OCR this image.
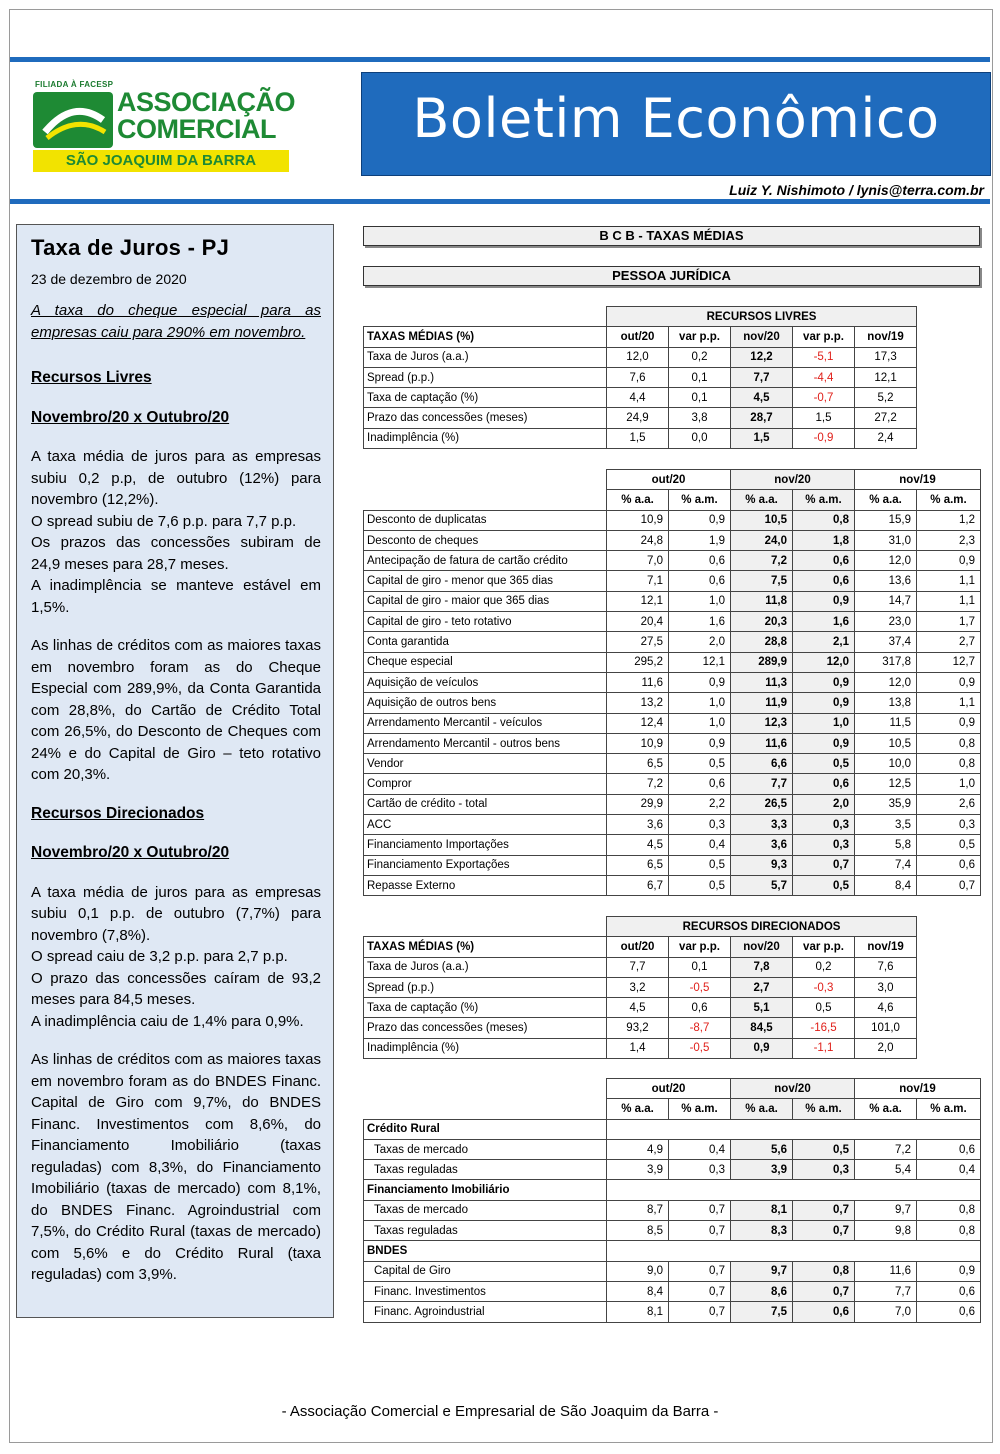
FILIADA À FACESP
ASSOCIAÇÃO
COMERCIAL
SÃO JOAQUIM DA BARRA
Boletim Econômico
Luiz Y. Nishimoto / lynis@terra.com.br
Taxa de Juros - PJ
23 de dezembro de 2020

A taxa do cheque especial para as empresas caiu para 290% em novembro.

Recursos Livres

Novembro/20 x Outubro/20

A taxa média de juros para as empresas subiu 0,2 p.p, de outubro (12%) para novembro (12,2%).

O spread subiu de 7,6 p.p. para 7,7 p.p.

Os prazos das concessões subiram de 24,9 meses para 28,7 meses.

A inadimplência se manteve estável em 1,5%.

As linhas de créditos com as maiores taxas em novembro foram as do Cheque Especial com 289,9%, da Conta Garantida com 28,8%, do Cartão de Crédito Total com 26,5%, do Desconto de Cheques com 24% e do Capital de Giro – teto rotativo com 20,3%.

Recursos Direcionados

Novembro/20 x Outubro/20

A taxa média de juros para as empresas subiu 0,1 p.p. de outubro (7,7%) para novembro (7,8%).

O spread caiu de 3,2 p.p. para 2,7 p.p.

O prazo das concessões caíram de 93,2 meses para 84,5 meses.

A inadimplência caiu de 1,4% para 0,9%.

As linhas de créditos com as maiores taxas em novembro foram as do BNDES Financ. Capital de Giro com 9,7%, do BNDES Financ. Investimentos com 8,6%, do Financiamento Imobiliário (taxas reguladas) com 8,3%, do Financiamento Imobiliário (taxas de mercado) com 8,1%, do BNDES Financ. Agroindustrial com 7,5%, do Crédito Rural (taxas de mercado) com 5,6% e do Crédito Rural (taxa reguladas) com 3,9%.

B C B - TAXAS MÉDIAS
PESSOA JURÍDICA
	RECURSOS LIVRES				
TAXAS MÉDIAS (%)	out/20	var p.p.	nov/20	var p.p.	nov/19
Taxa de Juros (a.a.)	12,0	0,2	12,2	-5,1	17,3
Spread (p.p.)	7,6	0,1	7,7	-4,4	12,1
Taxa de captação (%)	4,4	0,1	4,5	-0,7	5,2
Prazo das concessões (meses)	24,9	3,8	28,7	1,5	27,2
Inadimplência (%)	1,5	0,0	1,5	-0,9	2,4
	out/20		nov/20		nov/19	
	% a.a.	% a.m.	% a.a.	% a.m.	% a.a.	% a.m.
Desconto de duplicatas	10,9	0,9	10,5	0,8	15,9	1,2
Desconto de cheques	24,8	1,9	24,0	1,8	31,0	2,3
Antecipação de fatura de cartão crédito	7,0	0,6	7,2	0,6	12,0	0,9
Capital de giro - menor que 365 dias	7,1	0,6	7,5	0,6	13,6	1,1
Capital de giro - maior que 365 dias	12,1	1,0	11,8	0,9	14,7	1,1
Capital de giro - teto rotativo	20,4	1,6	20,3	1,6	23,0	1,7
Conta garantida	27,5	2,0	28,8	2,1	37,4	2,7
Cheque especial	295,2	12,1	289,9	12,0	317,8	12,7
Aquisição de veículos	11,6	0,9	11,3	0,9	12,0	0,9
Aquisição de outros bens	13,2	1,0	11,9	0,9	13,8	1,1
Arrendamento Mercantil - veículos	12,4	1,0	12,3	1,0	11,5	0,9
Arrendamento Mercantil - outros bens	10,9	0,9	11,6	0,9	10,5	0,8
Vendor	6,5	0,5	6,6	0,5	10,0	0,8
Compror	7,2	0,6	7,7	0,6	12,5	1,0
Cartão de crédito - total	29,9	2,2	26,5	2,0	35,9	2,6
ACC	3,6	0,3	3,3	0,3	3,5	0,3
Financiamento Importações	4,5	0,4	3,6	0,3	5,8	0,5
Financiamento Exportações	6,5	0,5	9,3	0,7	7,4	0,6
Repasse Externo	6,7	0,5	5,7	0,5	8,4	0,7
	RECURSOS DIRECIONADOS				
TAXAS MÉDIAS (%)	out/20	var p.p.	nov/20	var p.p.	nov/19
Taxa de Juros (a.a.)	7,7	0,1	7,8	0,2	7,6
Spread (p.p.)	3,2	-0,5	2,7	-0,3	3,0
Taxa de captação (%)	4,5	0,6	5,1	0,5	4,6
Prazo das concessões (meses)	93,2	-8,7	84,5	-16,5	101,0
Inadimplência (%)	1,4	-0,5	0,9	-1,1	2,0
	out/20		nov/20		nov/19	
	% a.a.	% a.m.	% a.a.	% a.m.	% a.a.	% a.m.
Crédito Rural						
Taxas de mercado	4,9	0,4	5,6	0,5	7,2	0,6
Taxas reguladas	3,9	0,3	3,9	0,3	5,4	0,4
Financiamento Imobiliário						
Taxas de mercado	8,7	0,7	8,1	0,7	9,7	0,8
Taxas reguladas	8,5	0,7	8,3	0,7	9,8	0,8
BNDES						
Capital de Giro	9,0	0,7	9,7	0,8	11,6	0,9
Financ. Investimentos	8,4	0,7	8,6	0,7	7,7	0,6
Financ. Agroindustrial	8,1	0,7	7,5	0,6	7,0	0,6
- Associação Comercial e Empresarial de São Joaquim da Barra -
